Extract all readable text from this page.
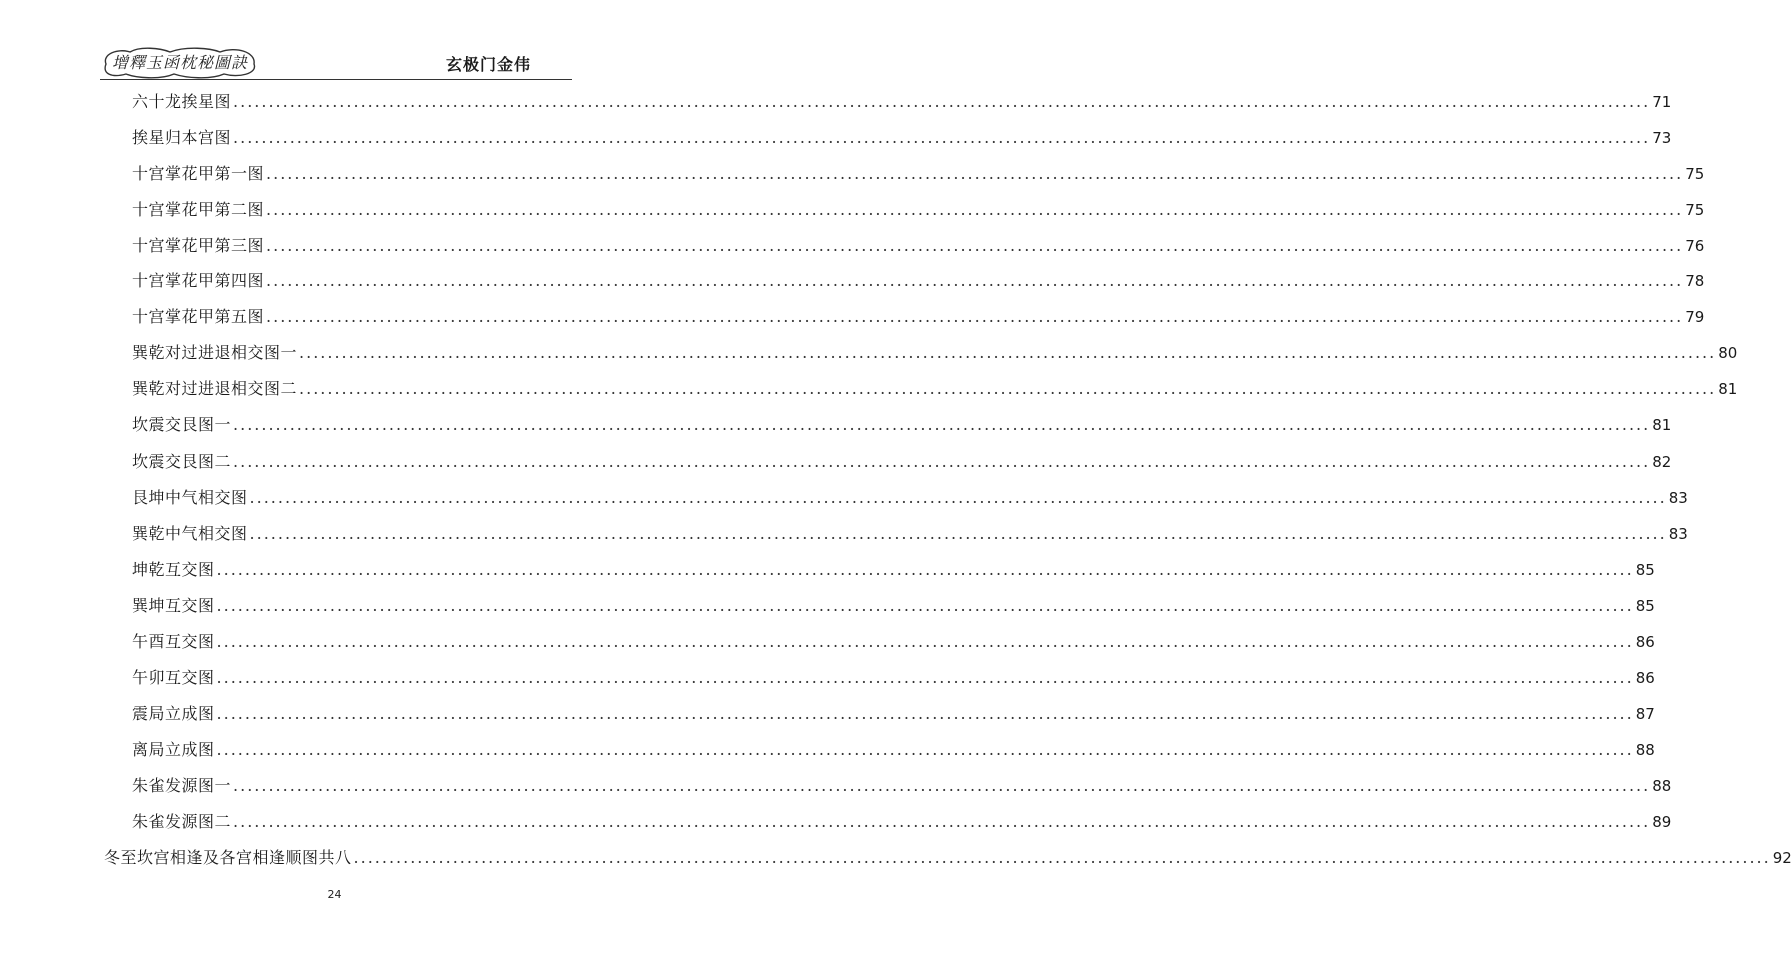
增釋玉函枕秘圖訣	玄极门金伟
六十龙挨星图 ........................................................................................................................................................................................................ 71
挨星归本宫图 ........................................................................................................................................................................................................ 73
十宫掌花甲第一图 ........................................................................................................................................................................................................ 75
十宫掌花甲第二图 ........................................................................................................................................................................................................ 75
十宫掌花甲第三图 ........................................................................................................................................................................................................ 76
十宫掌花甲第四图 ........................................................................................................................................................................................................ 78
十宫掌花甲第五图 ........................................................................................................................................................................................................ 79
巽乾对过进退相交图一 ........................................................................................................................................................................................................ 80
巽乾对过进退相交图二 ........................................................................................................................................................................................................ 81
坎震交艮图一 ........................................................................................................................................................................................................ 81
坎震交艮图二 ........................................................................................................................................................................................................ 82
艮坤中气相交图 ........................................................................................................................................................................................................ 83
巽乾中气相交图 ........................................................................................................................................................................................................ 83
坤乾互交图 ........................................................................................................................................................................................................ 85
巽坤互交图 ........................................................................................................................................................................................................ 85
午酉互交图 ........................................................................................................................................................................................................ 86
午卯互交图 ........................................................................................................................................................................................................ 86
震局立成图 ........................................................................................................................................................................................................ 87
离局立成图 ........................................................................................................................................................................................................ 88
朱雀发源图一 ........................................................................................................................................................................................................ 88
朱雀发源图二 ........................................................................................................................................................................................................ 89
冬至坎宫相逢及各宫相逢顺图共八 ........................................................................................................................................................................................................ 92
24
